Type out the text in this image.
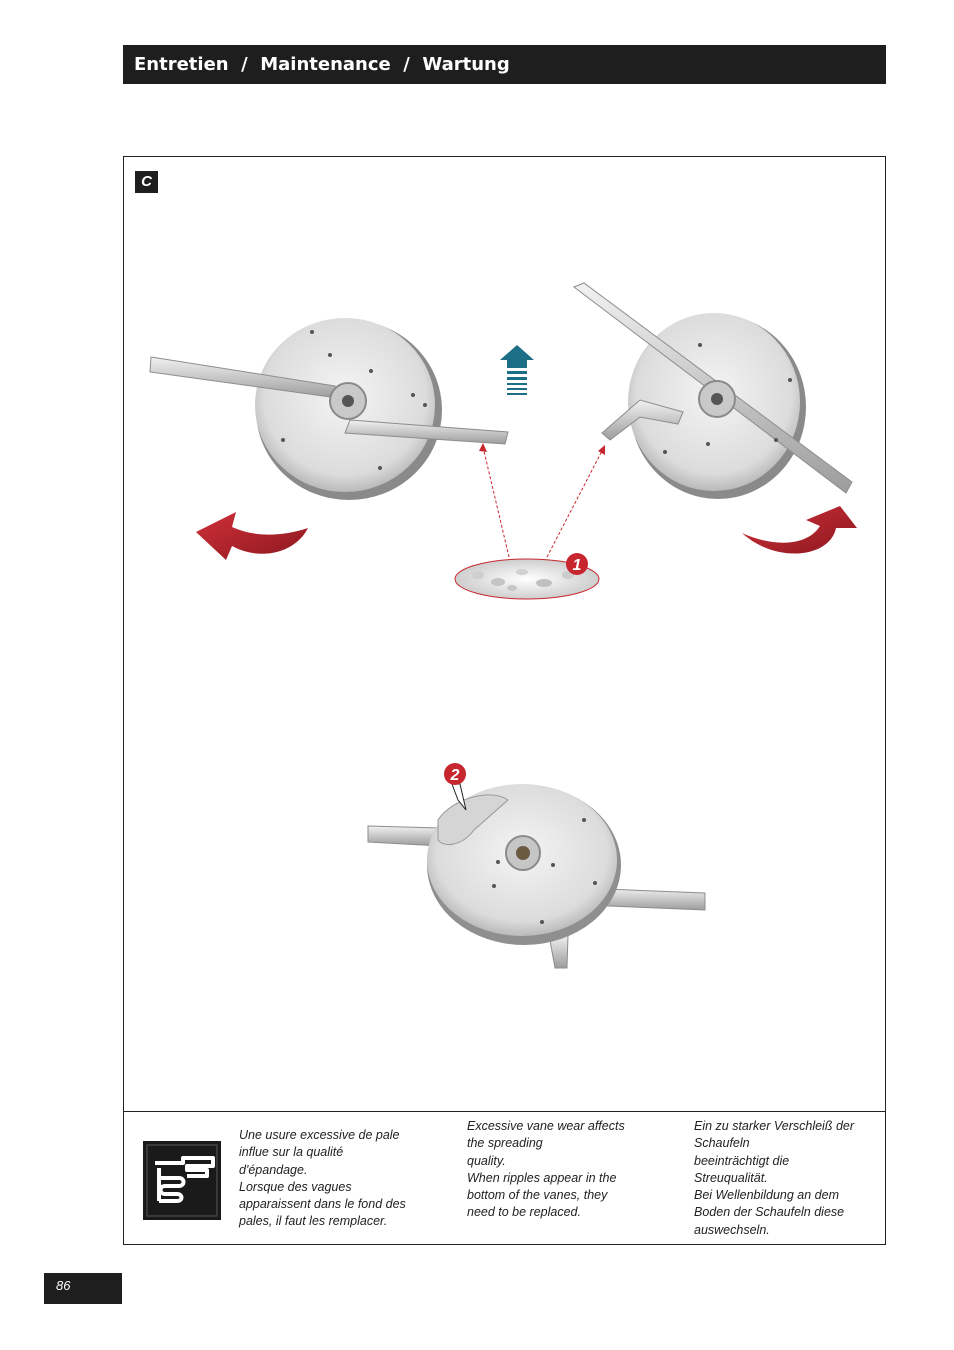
Entretien  /  Maintenance  /  Wartung
C
1
2
Une usure excessive de pale
influe sur la qualité
d'épandage.
Lorsque des vagues
apparaissent dans le fond des
pales, il faut les remplacer.
Excessive vane wear affects
the spreading
quality.
When ripples appear in the
bottom of the vanes, they
need to be replaced.
Ein zu starker Verschleiß der
Schaufeln
beeinträchtigt die
Streuqualität.
Bei Wellenbildung an dem
Boden der Schaufeln diese
auswechseln.
86
